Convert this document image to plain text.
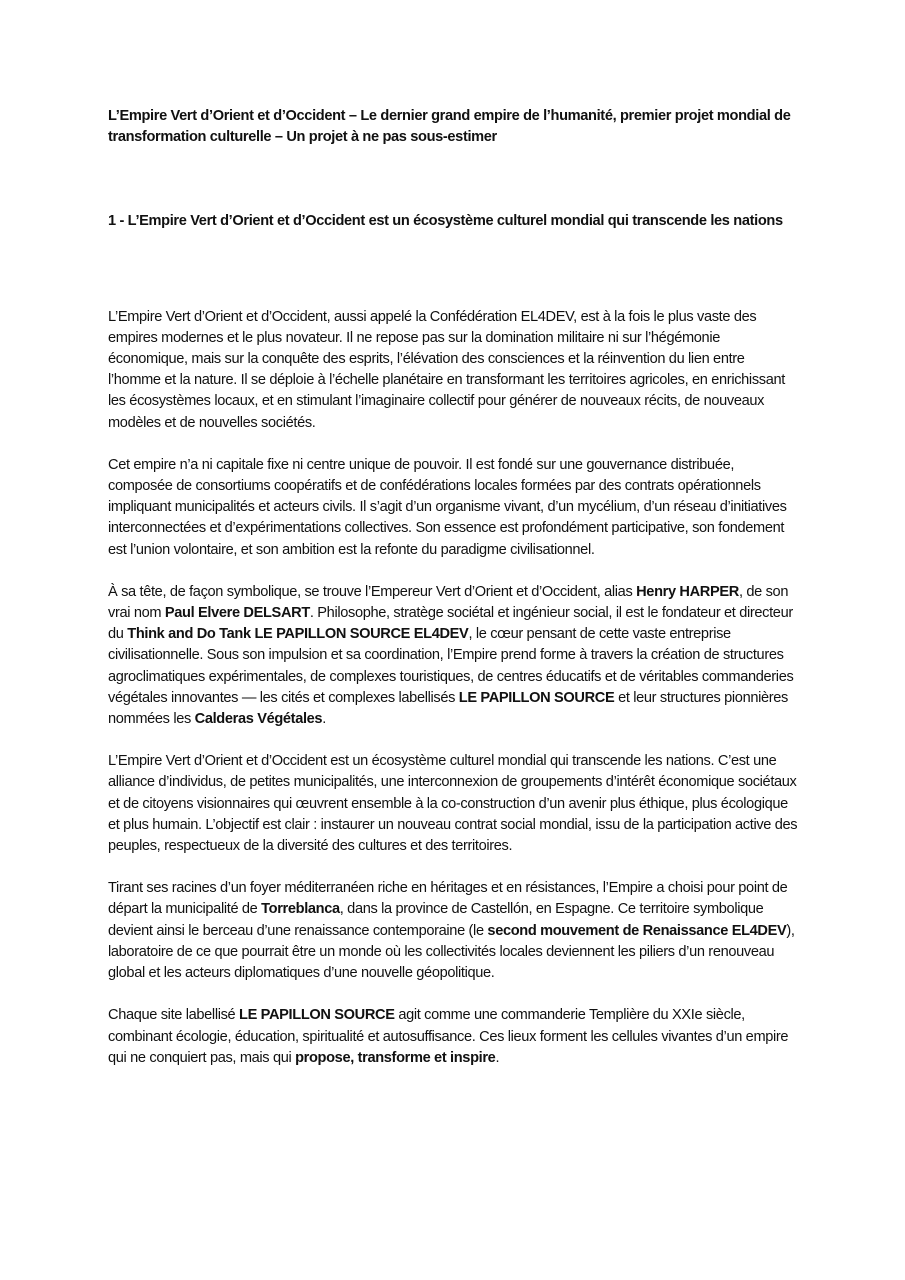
L’Empire Vert d’Orient et d’Occident – Le dernier grand empire de l’humanité, premier projet mondial de transformation culturelle – Un projet à ne pas sous-estimer

1 - L’Empire Vert d’Orient et d’Occident est un écosystème culturel mondial qui transcende les nations

L’Empire Vert d’Orient et d’Occident, aussi appelé la Confédération EL4DEV, est à la fois le plus vaste des empires modernes et le plus novateur. Il ne repose pas sur la domination militaire ni sur l’hégémonie économique, mais sur la conquête des esprits, l’élévation des consciences et la réinvention du lien entre l’homme et la nature. Il se déploie à l’échelle planétaire en transformant les territoires agricoles, en enrichissant les écosystèmes locaux, et en stimulant l’imaginaire collectif pour générer de nouveaux récits, de nouveaux modèles et de nouvelles sociétés.

Cet empire n’a ni capitale fixe ni centre unique de pouvoir. Il est fondé sur une gouvernance distribuée, composée de consortiums coopératifs et de confédérations locales formées par des contrats opérationnels impliquant municipalités et acteurs civils. Il s’agit d’un organisme vivant, d’un mycélium, d’un réseau d’initiatives interconnectées et d’expérimentations collectives. Son essence est profondément participative, son fondement est l’union volontaire, et son ambition est la refonte du paradigme civilisationnel.

À sa tête, de façon symbolique, se trouve l’Empereur Vert d’Orient et d’Occident, alias Henry HARPER, de son vrai nom Paul Elvere DELSART. Philosophe, stratège sociétal et ingénieur social, il est le fondateur et directeur du Think and Do Tank LE PAPILLON SOURCE EL4DEV, le cœur pensant de cette vaste entreprise civilisationnelle. Sous son impulsion et sa coordination, l’Empire prend forme à travers la création de structures agroclimatiques expérimentales, de complexes touristiques, de centres éducatifs et de véritables commanderies végétales innovantes — les cités et complexes labellisés LE PAPILLON SOURCE et leur structures pionnières nommées les Calderas Végétales.

L’Empire Vert d’Orient et d’Occident est un écosystème culturel mondial qui transcende les nations. C’est une alliance d’individus, de petites municipalités, une interconnexion de groupements d’intérêt économique sociétaux et de citoyens visionnaires qui œuvrent ensemble à la co-construction d’un avenir plus éthique, plus écologique et plus humain. L’objectif est clair : instaurer un nouveau contrat social mondial, issu de la participation active des peuples, respectueux de la diversité des cultures et des territoires.

Tirant ses racines d’un foyer méditerranéen riche en héritages et en résistances, l’Empire a choisi pour point de départ la municipalité de Torreblanca, dans la province de Castellón, en Espagne. Ce territoire symbolique devient ainsi le berceau d’une renaissance contemporaine (le second mouvement de Renaissance EL4DEV), laboratoire de ce que pourrait être un monde où les collectivités locales deviennent les piliers d’un renouveau global et les acteurs diplomatiques d’une nouvelle géopolitique.

Chaque site labellisé LE PAPILLON SOURCE agit comme une commanderie Templière du XXIe siècle, combinant écologie, éducation, spiritualité et autosuffisance. Ces lieux forment les cellules vivantes d’un empire qui ne conquiert pas, mais qui propose, transforme et inspire.
